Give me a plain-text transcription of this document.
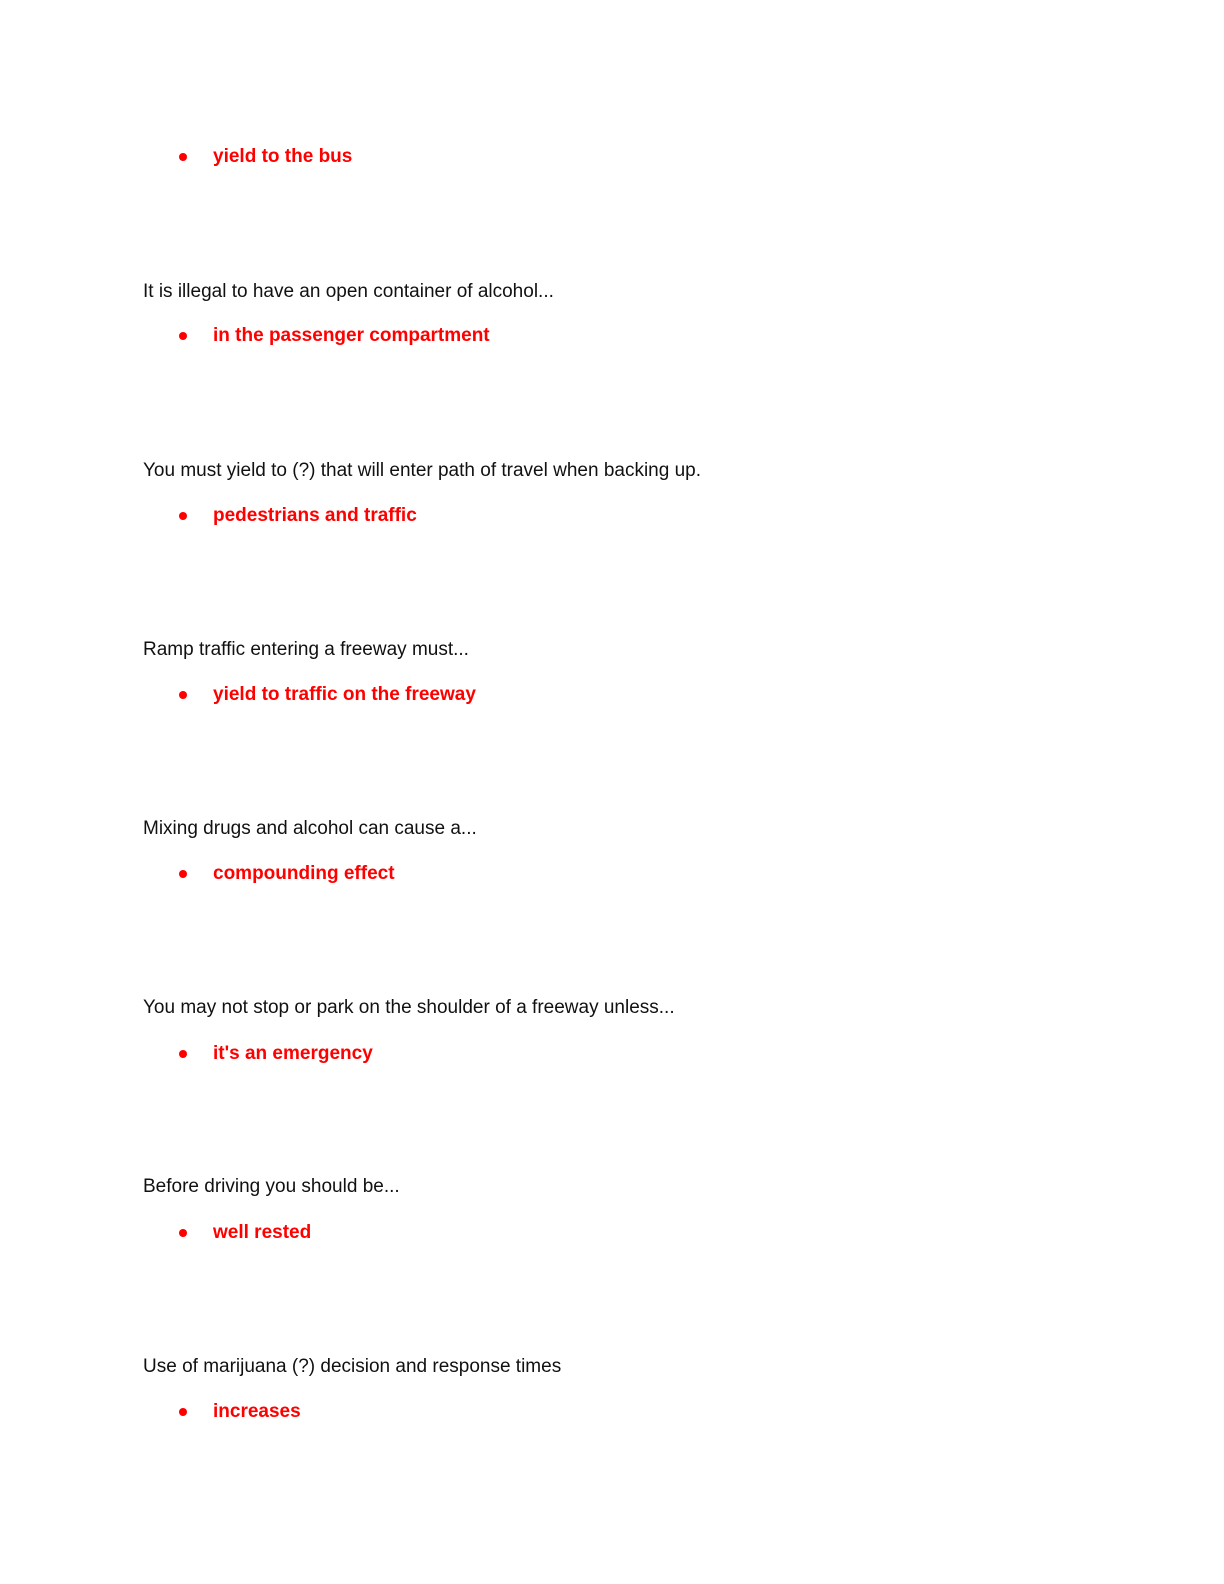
yield to the bus
It is illegal to have an open container of alcohol...
in the passenger compartment
You must yield to (?) that will enter path of travel when backing up.
pedestrians and traffic
Ramp traffic entering a freeway must...
yield to traffic on the freeway
Mixing drugs and alcohol can cause a...
compounding effect
You may not stop or park on the shoulder of a freeway unless...
it's an emergency
Before driving you should be...
well rested
Use of marijuana (?) decision and response times
increases
